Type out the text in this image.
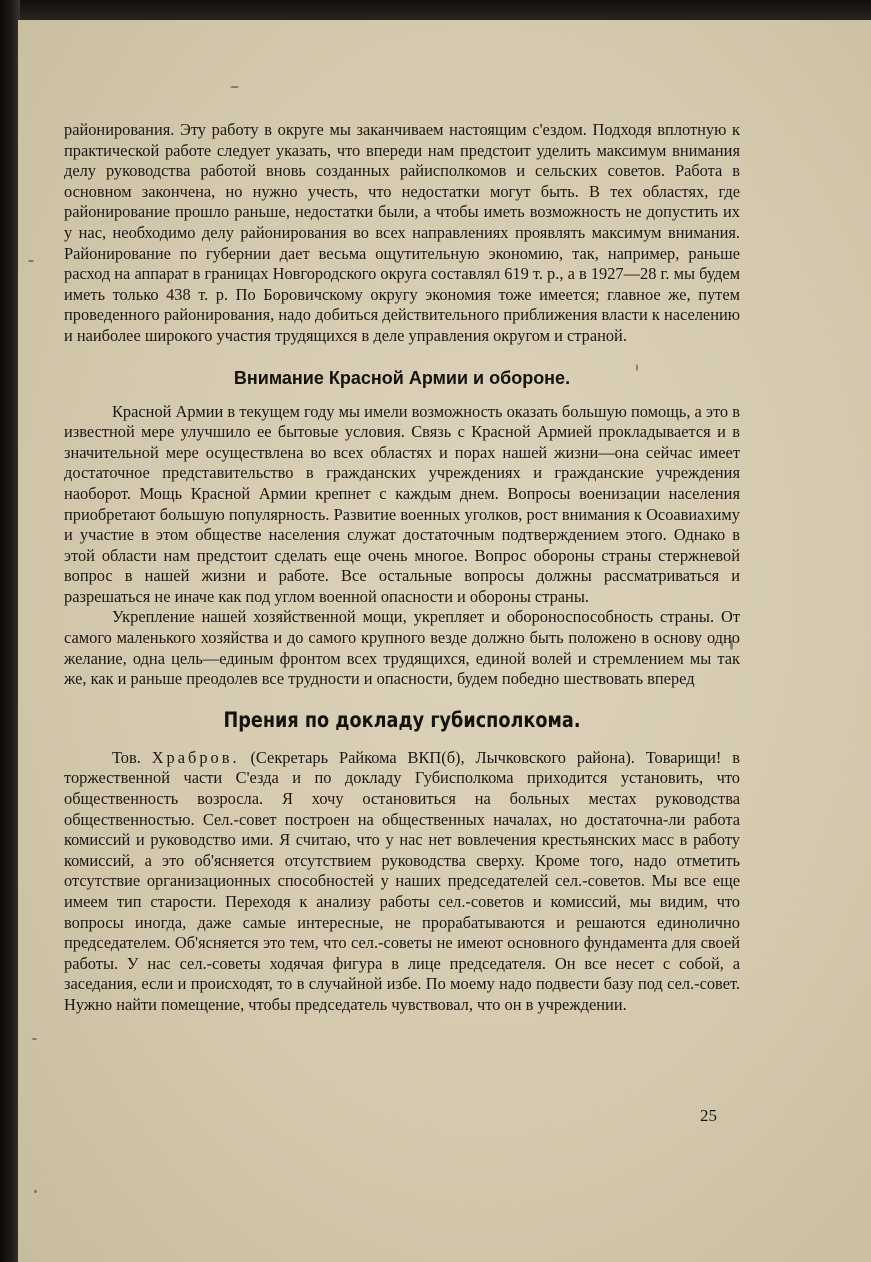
районирования. Эту работу в округе мы заканчиваем настоящим с'ездом. Подходя вплотную к практической работе следует указать, что впереди нам предстоит уделить максимум внимания делу руководства работой вновь созданных райисполкомов и сельских советов. Работа в основном закончена, но нужно учесть, что недостатки могут быть. В тех областях, где районирование прошло раньше, недостатки были, а чтобы иметь возможность не допустить их у нас, необходимо делу районирования во всех направлениях проявлять максимум внимания. Районирование по губернии дает весьма ощутительную экономию, так, например, раньше расход на аппарат в границах Новгородского округа составлял 619 т. р., а в 1927—28 г. мы будем иметь только 438 т. р. По Боровичскому округу экономия тоже имеется; главное же, путем проведенного районирования, надо добиться действительного приближения власти к населению и наиболее широкого участия трудящихся в деле управления округом и страной.

Внимание Красной Армии и обороне.

Красной Армии в текущем году мы имели возможность оказать большую помощь, а это в известной мере улучшило ее бытовые условия. Связь с Красной Армией прокладывается и в значительной мере осуществлена во всех областях и порах нашей жизни—она сейчас имеет достаточное представительство в гражданских учреждениях и гражданские учреждения наоборот. Мощь Красной Армии крепнет с каждым днем. Вопросы военизации населения приобретают большую популярность. Развитие военных уголков, рост внимания к Осоавиахиму и участие в этом обществе населения служат достаточным подтверждением этого. Однако в этой области нам предстоит сделать еще очень многое. Вопрос обороны страны стержневой вопрос в нашей жизни и работе. Все остальные вопросы должны рассматриваться и разрешаться не иначе как под углом военной опасности и обороны страны.

Укрепление нашей хозяйственной мощи, укрепляет и обороноспособность страны. От самого маленького хозяйства и до самого крупного везде должно быть положено в основу одно желание, одна цель—единым фронтом всех трудящихся, единой волей и стремлением мы так же, как и раньше преодолев все трудности и опасности, будем победно шествовать вперед

Прения по докладу губисполкома.

Тов. Храбров. (Секретарь Райкома ВКП(б), Лычковского района). Товарищи! в торжественной части С'езда и по докладу Губисполкома приходится установить, что общественность возросла. Я хочу остановиться на больных местах руководства общественностью. Сел.-совет построен на общественных началах, но достаточна-ли работа комиссий и руководство ими. Я считаю, что у нас нет вовлечения крестьянских масс в работу комиссий, а это об'ясняется отсутствием руководства сверху. Кроме того, надо отметить отсутствие организационных способностей у наших председателей сел.-советов. Мы все еще имеем тип старости. Переходя к анализу работы сел.-советов и комиссий, мы видим, что вопросы иногда, даже самые интересные, не прорабатываются и решаются единолично председателем. Об'ясняется это тем, что сел.-советы не имеют основного фундамента для своей работы. У нас сел.-советы ходячая фигура в лице председателя. Он все несет с собой, а заседания, если и происходят, то в случайной избе. По моему надо подвести базу под сел.-совет. Нужно найти помещение, чтобы председатель чувствовал, что он в учреждении.

25
